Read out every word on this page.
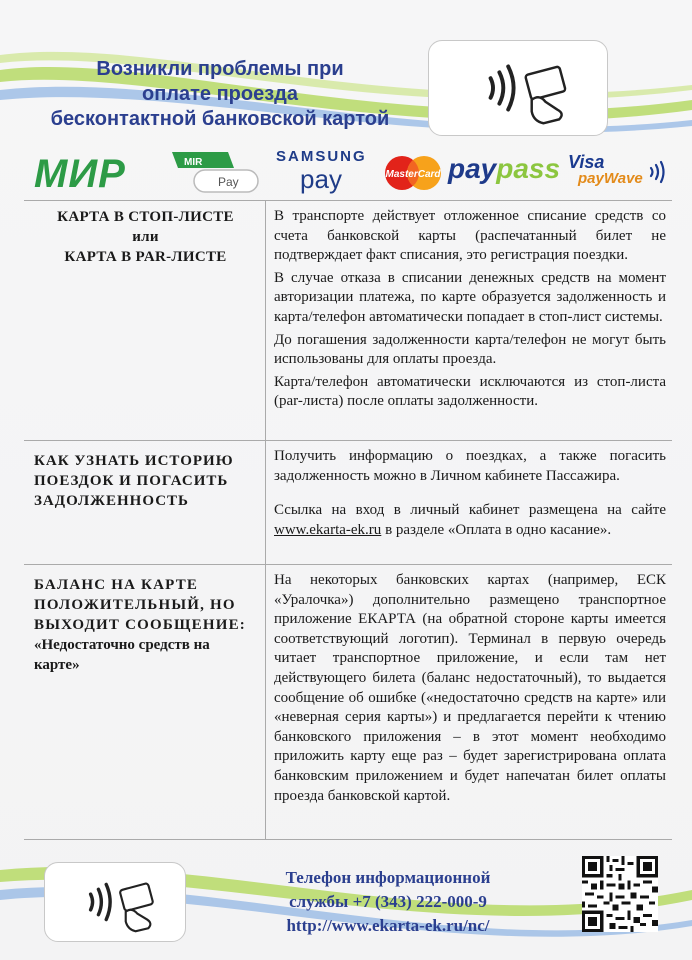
Возникли проблемы при
оплате проезда
бесконтактной банковской картой
МИР	MIR
Pay
SAMSUNG
pay	MasterCard paypass Visa
payWave
КАРТА В СТОП-ЛИСТЕ
или
КАРТА В PAR-ЛИСТЕ

В транспорте действует отложенное списание средств со счета банковской карты (распечатанный билет не подтверждает факт списания, это регистрация поездки.

В случае отказа в списании денежных средств на момент авторизации платежа, по карте образуется задолженность и карта/телефон автоматически попадает в стоп-лист системы.

До погашения задолженности карта/телефон не могут быть использованы для оплаты проезда.

Карта/телефон автоматически исключаются из стоп-листа (par-листа) после оплаты задолженности.

КАК УЗНАТЬ ИСТОРИЮ ПОЕЗДОК И ПОГАСИТЬ ЗАДОЛЖЕННОСТЬ

Получить информацию о поездках, а также погасить задолженность можно в Личном кабинете Пассажира.

Ссылка на вход в личный кабинет размещена на сайте www.ekarta-ek.ru в разделе «Оплата в одно касание».

БАЛАНС НА КАРТЕ ПОЛОЖИТЕЛЬНЫЙ, НО ВЫХОДИТ СООБЩЕНИЕ:
«Недостаточно средств на карте»

На некоторых банковских картах (например, ЕСК «Уралочка») дополнительно размещено транспортное приложение ЕКАРТА (на обратной стороне карты имеется соответствующий логотип). Терминал в первую очередь читает транспортное приложение, и если там нет действующего билета (баланс недостаточный), то выдается сообщение об ошибке («недостаточно средств на карте» или «неверная серия карты») и предлагается перейти к чтению банковского приложения – в этот момент необходимо приложить карту еще раз – будет зарегистрирована оплата банковским приложением и будет напечатан билет оплаты проезда банковской картой.

Телефон информационной
службы +7 (343) 222-000-9
http://www.ekarta-ek.ru/nc/
